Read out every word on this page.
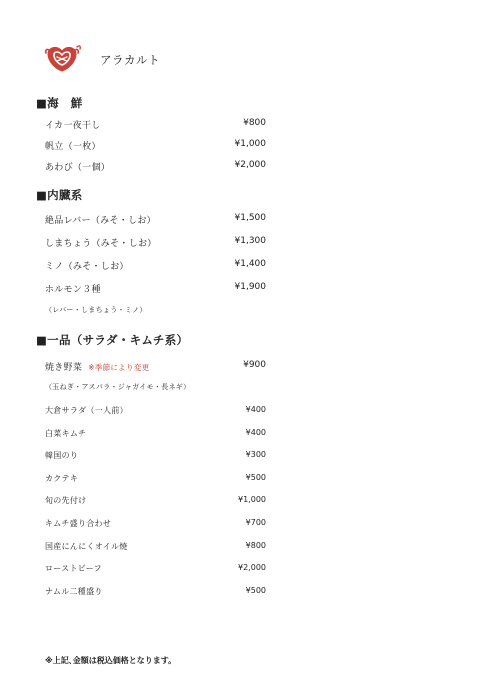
アラカルト
■海　鮮
イカ一夜干し	¥800
帆立（一枚）	¥1,000
あわび（一個）	¥2,000
■内臓系
絶品レバー（みそ・しお）	¥1,500
しまちょう（みそ・しお）	¥1,300
ミノ（みそ・しお）	¥1,400
ホルモン３種	¥1,900
（レバー・しまちょう・ミノ）
■一品（サラダ・キムチ系）
焼き野菜 ※季節により変更	¥900
（玉ねぎ・アスパラ・ジャガイモ・長ネギ）
大倉サラダ（一人前）	¥400
白菜キムチ	¥400
韓国のり	¥300
カクテキ	¥500
旬の先付け	¥1,000
キムチ盛り合わせ	¥700
国産にんにくオイル焼	¥800
ローストビーフ	¥2,000
ナムル二種盛り	¥500
※上記､金額は税込価格となります。
